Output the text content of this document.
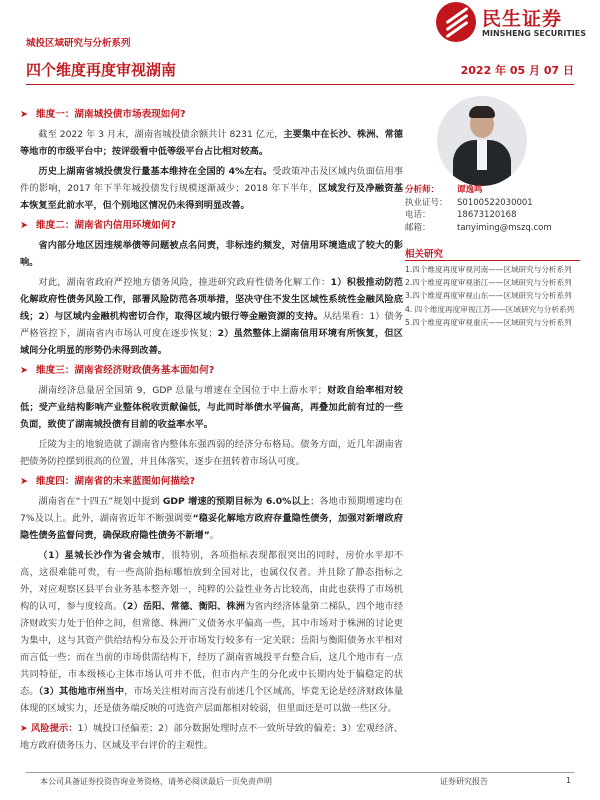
城投区域研究与分析系列
民生证券
MINSHENG SECURITIES
四个维度再度审视湖南	2022 年 05 月 07 日

➤ 维度一：湖南城投债市场表现如何?

截至 2022 年 3 月末，湖南省城投债余额共计 8231 亿元，主要集中在长沙、株洲、常德等地市的市级平台中；按评级看中低等级平台占比相对较高。

历史上湖南省城投债发行量基本维持在全国的 4%左右。受政策冲击及区域内负面信用事件的影响，2017 年下半年城投债发行规模逐渐减少；2018 年下半年，区域发行及净融资基本恢复至此前水平，但个别地区情况仍未得到明显改善。

➤ 维度二：湖南省内信用环境如何?

省内部分地区因违规举债等问题被点名问责，非标违约频发，对信用环境造成了较大的影响。

对此，湖南省政府严控地方债务风险，推进研究政府性债务化解工作：1）积极推动防范化解政府性债务风险工作，部署风险防范各项举措，坚决守住不发生区域性系统性金融风险底线；2）与区域内金融机构密切合作，取得区域内银行等金融资源的支持。从结果看：1）债务严格管控下，湖南省内市场认可度在逐步恢复；2）虽然整体上湖南信用环境有所恢复，但区域间分化明显的形势仍未得到改善。

➤ 维度三：湖南省经济财政债务基本面如何?

湖南经济总量居全国第 9，GDP 总量与增速在全国位于中上游水平；财政自给率相对较低；受产业结构影响产业整体税收贡献偏低，与此同时举债水平偏高，再叠加此前有过的一些负面，致使了湖南城投债有目前的收益率水平。

丘陵为主的地貌造就了湖南省内整体东强西弱的经济分布格局。债务方面，近几年湖南省把债务防控摆到很高的位置，并且体落实，逐步在扭转着市场认可度。

➤ 维度四：湖南省的未来蓝图如何描绘?

湖南省在“十四五”规划中提到 GDP 增速的预期目标为 6.0%以上；各地市预期增速均在 7%及以上。此外，湖南省近年不断强调要“稳妥化解地方政府存量隐性债务，加强对新增政府隐性债务监督问责，确保政府隐性债务不新增”。

（1）星城长沙作为省会城市，很特别，各项指标表现都很突出的同时，房价水平却不高，这很难能可贵，有一些高阶指标哪怕放到全国对比，也属仅仅者。并且除了静态指标之外，对应观察区县平台业务基本整齐划一，纯粹的公益性业务占比较高，由此也获得了市场机构的认可，参与度较高。（2）岳阳、常德、衡阳、株洲为省内经济体量第二梯队，四个地市经济财政实力处于伯仲之间，但常德、株洲广义债务水平偏高一些，其中市场对于株洲的讨论更为集中，这与其资产供给结构分布及公开市场发行较多有一定关联；岳阳与衡阳债务水平相对而言低一些；而在当前的市场供需结构下，经历了湖南省城投平台整合后，这几个地市有一点共同特征，市本级核心主体市场认可并不低，但市内产生的分化或中长期内处于偏稳定的状态。（3）其他地市州当中，市场关注相对而言没有前述几个区域高，毕竟无论是经济财政体量体现的区域实力，还是债务端反映的可选资产层面都相对较弱，但里面还是可以做一些区分。

➤ 风险提示：1）城投口径偏差；2）部分数据处理时点不一致所导致的偏差；3）宏观经济、地方政府债务压力、区域及平台评价的主观性。

分析师：	谭逸鸣
执业证号：	S0100522030001
电话：	18673120168
邮箱：	tanyiming@mszq.com
相关研究
1.四个维度再度审视河南——区域研究与分析系列
2.四个维度再度审视浙江——区域研究与分析系列
3.四个维度再度审视山东——区域研究与分析系列
4. 四个维度再度审视江苏——区域研究与分析系列
5.四个维度再度审视重庆——区域研究与分析系列
本公司具备证券投资咨询业务资格，请务必阅读最后一页免责声明	证券研究报告	1
